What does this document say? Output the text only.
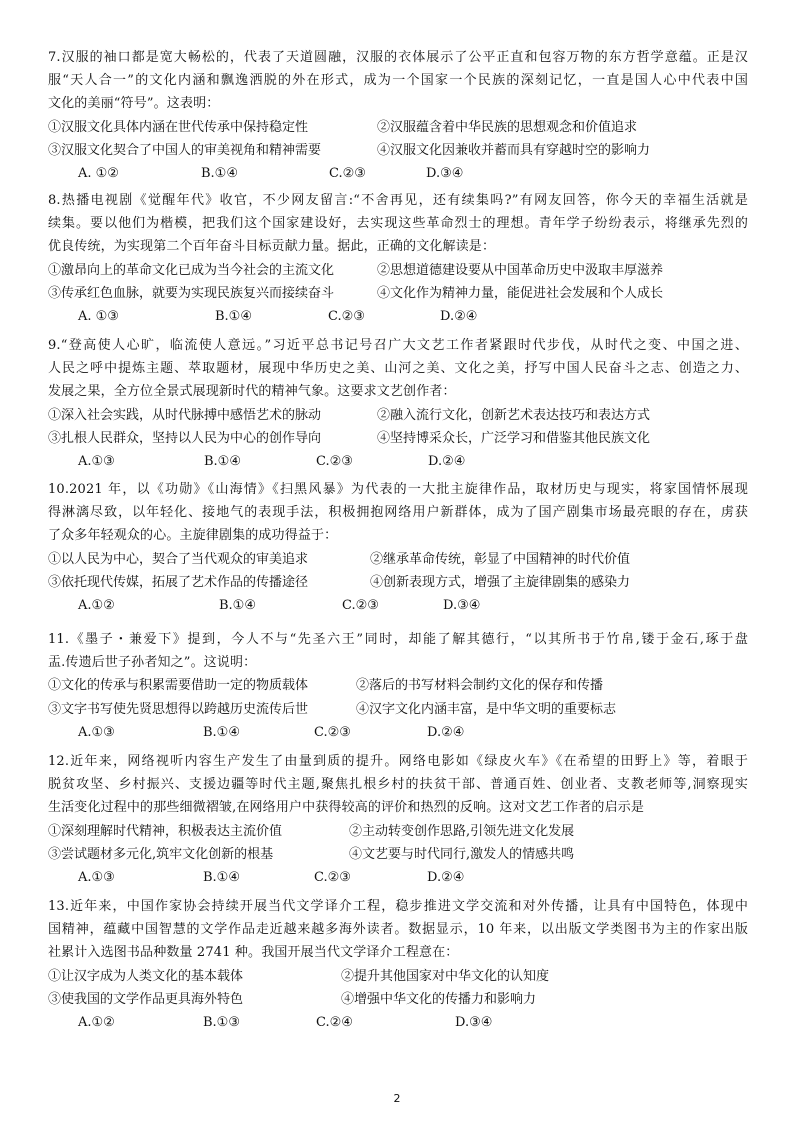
7.汉服的袖口都是宽大畅松的，代表了天道圆融，汉服的衣体展示了公平正直和包容万物的东方哲学意蕴。正是汉
服“天人合一”的文化内涵和飘逸洒脱的外在形式，成为一个国家一个民族的深刻记忆，一直是国人心中代表中国
文化的美丽“符号”。这表明：
①汉服文化具体内涵在世代传承中保持稳定性	②汉服蕴含着中华民族的思想观念和价值追求
③汉服文化契合了中国人的审美视角和精神需要	④汉服文化因兼收并蓄而具有穿越时空的影响力
A. ①②	B.①④	C.②③	D.③④
8.热播电视剧《觉醒年代》收官，不少网友留言:“不舍再见，还有续集吗?”有网友回答，你今天的幸福生活就是
续集。要以他们为楷模，把我们这个国家建设好，去实现这些革命烈士的理想。青年学子纷纷表示，将继承先烈的
优良传统，为实现第二个百年奋斗目标贡献力量。据此，正确的文化解读是：
①激昂向上的革命文化已成为当今社会的主流文化	②思想道德建设要从中国革命历史中汲取丰厚滋养
③传承红色血脉，就要为实现民族复兴而接续奋斗	④文化作为精神力量，能促进社会发展和个人成长
A. ①③	B.①④	C.②③	D.②④
9.“登高使人心旷，临流使人意远。”习近平总书记号召广大文艺工作者紧跟时代步伐，从时代之变、中国之进、
人民之呼中提炼主题、萃取题材，展现中华历史之美、山河之美、文化之美，抒写中国人民奋斗之志、创造之力、
发展之果，全方位全景式展现新时代的精神气象。这要求文艺创作者：
①深入社会实践，从时代脉搏中感悟艺术的脉动	②融入流行文化，创新艺术表达技巧和表达方式
③扎根人民群众，坚持以人民为中心的创作导向	④坚持博采众长，广泛学习和借鉴其他民族文化
A.①③	B.①④	C.②③	D.②④
10.2021 年，以《功勋》《山海情》《扫黑风暴》为代表的一大批主旋律作品，取材历史与现实，将家国情怀展现
得淋漓尽致，以年轻化、接地气的表现手法，积极拥抱网络用户新群体，成为了国产剧集市场最亮眼的存在，虏获
了众多年轻观众的心。主旋律剧集的成功得益于：
①以人民为中心，契合了当代观众的审美追求	②继承革命传统，彰显了中国精神的时代价值
③依托现代传媒，拓展了艺术作品的传播途径	④创新表现方式，增强了主旋律剧集的感染力
A.①②	B.①④	C.②③	D.③④
11.《墨子・兼爱下》提到，今人不与“先圣六王”同时，却能了解其德行，“以其所书于竹帛,镂于金石,琢于盘
盂.传遗后世子孙者知之”。这说明：
①文化的传承与积累需要借助一定的物质载体	②落后的书写材料会制约文化的保存和传播
③文字书写使先贤思想得以跨越历史流传后世	④汉字文化内涵丰富，是中华文明的重要标志
A.①③	B.①④	C.②③	D.②④
12.近年来，网络视听内容生产发生了由量到质的提升。网络电影如《绿皮火车》《在希望的田野上》等，着眼于
脱贫攻坚、乡村振兴、支援边疆等时代主题,聚焦扎根乡村的扶贫干部、普通百姓、创业者、支教老师等,洞察现实
生活变化过程中的那些细微褶皱,在网络用户中获得较高的评价和热烈的反响。这对文艺工作者的启示是
①深刻理解时代精神，积极表达主流价值	②主动转变创作思路,引领先进文化发展
③尝试题材多元化,筑牢文化创新的根基	④文艺要与时代同行,激发人的情感共鸣
A.①③	B.①④	C.②③	D.②④
13.近年来，中国作家协会持续开展当代文学译介工程，稳步推进文学交流和对外传播，让具有中国特色，体现中
国精神，蕴藏中国智慧的文学作品走近越来越多海外读者。数据显示，10 年来，以出版文学类图书为主的作家出版
社累计入选图书品种数量 2741 种。我国开展当代文学译介工程意在：
①让汉字成为人类文化的基本载体	②提升其他国家对中华文化的认知度
③使我国的文学作品更具海外特色	④增强中华文化的传播力和影响力
A.①②	B.①③	C.②④	D.③④
2
